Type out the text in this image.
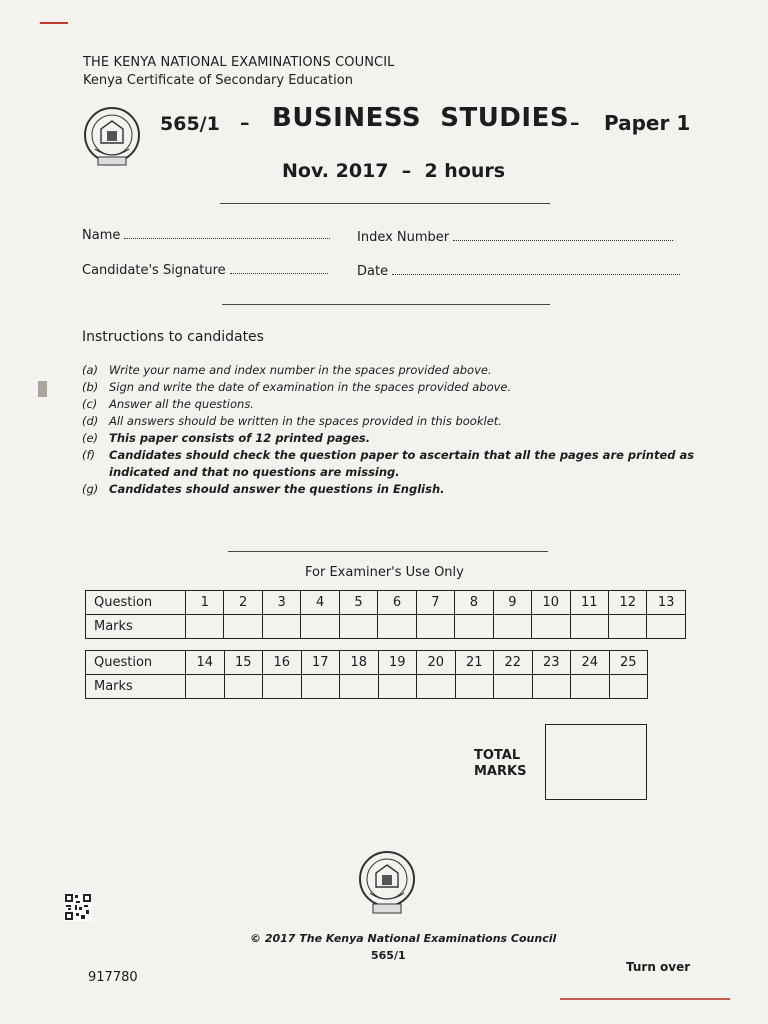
THE KENYA NATIONAL EXAMINATIONS COUNCIL
Kenya Certificate of Secondary Education
565/1 – BUSINESS  STUDIES – Paper 1
Nov. 2017  –  2 hours
Name	Index Number
Candidate's Signature	Date
Instructions to candidates
(a) Write your name and index number in the spaces provided above.
(b) Sign and write the date of examination in the spaces provided above.
(c) Answer all the questions.
(d) All answers should be written in the spaces provided in this booklet.
(e) This paper consists of 12 printed pages.
(f) Candidates should check the question paper to ascertain that all the pages are printed as
indicated and that no questions are missing.
(g) Candidates should answer the questions in English.
For Examiner's Use Only
Question	1	2	3	4	5	6	7	8	9	10	11	12	13
Marks													
Question	14	15	16	17	18	19	20	21	22	23	24	25
Marks												
TOTAL
MARKS
© 2017 The Kenya National Examinations Council
565/1
Turn over
917780
